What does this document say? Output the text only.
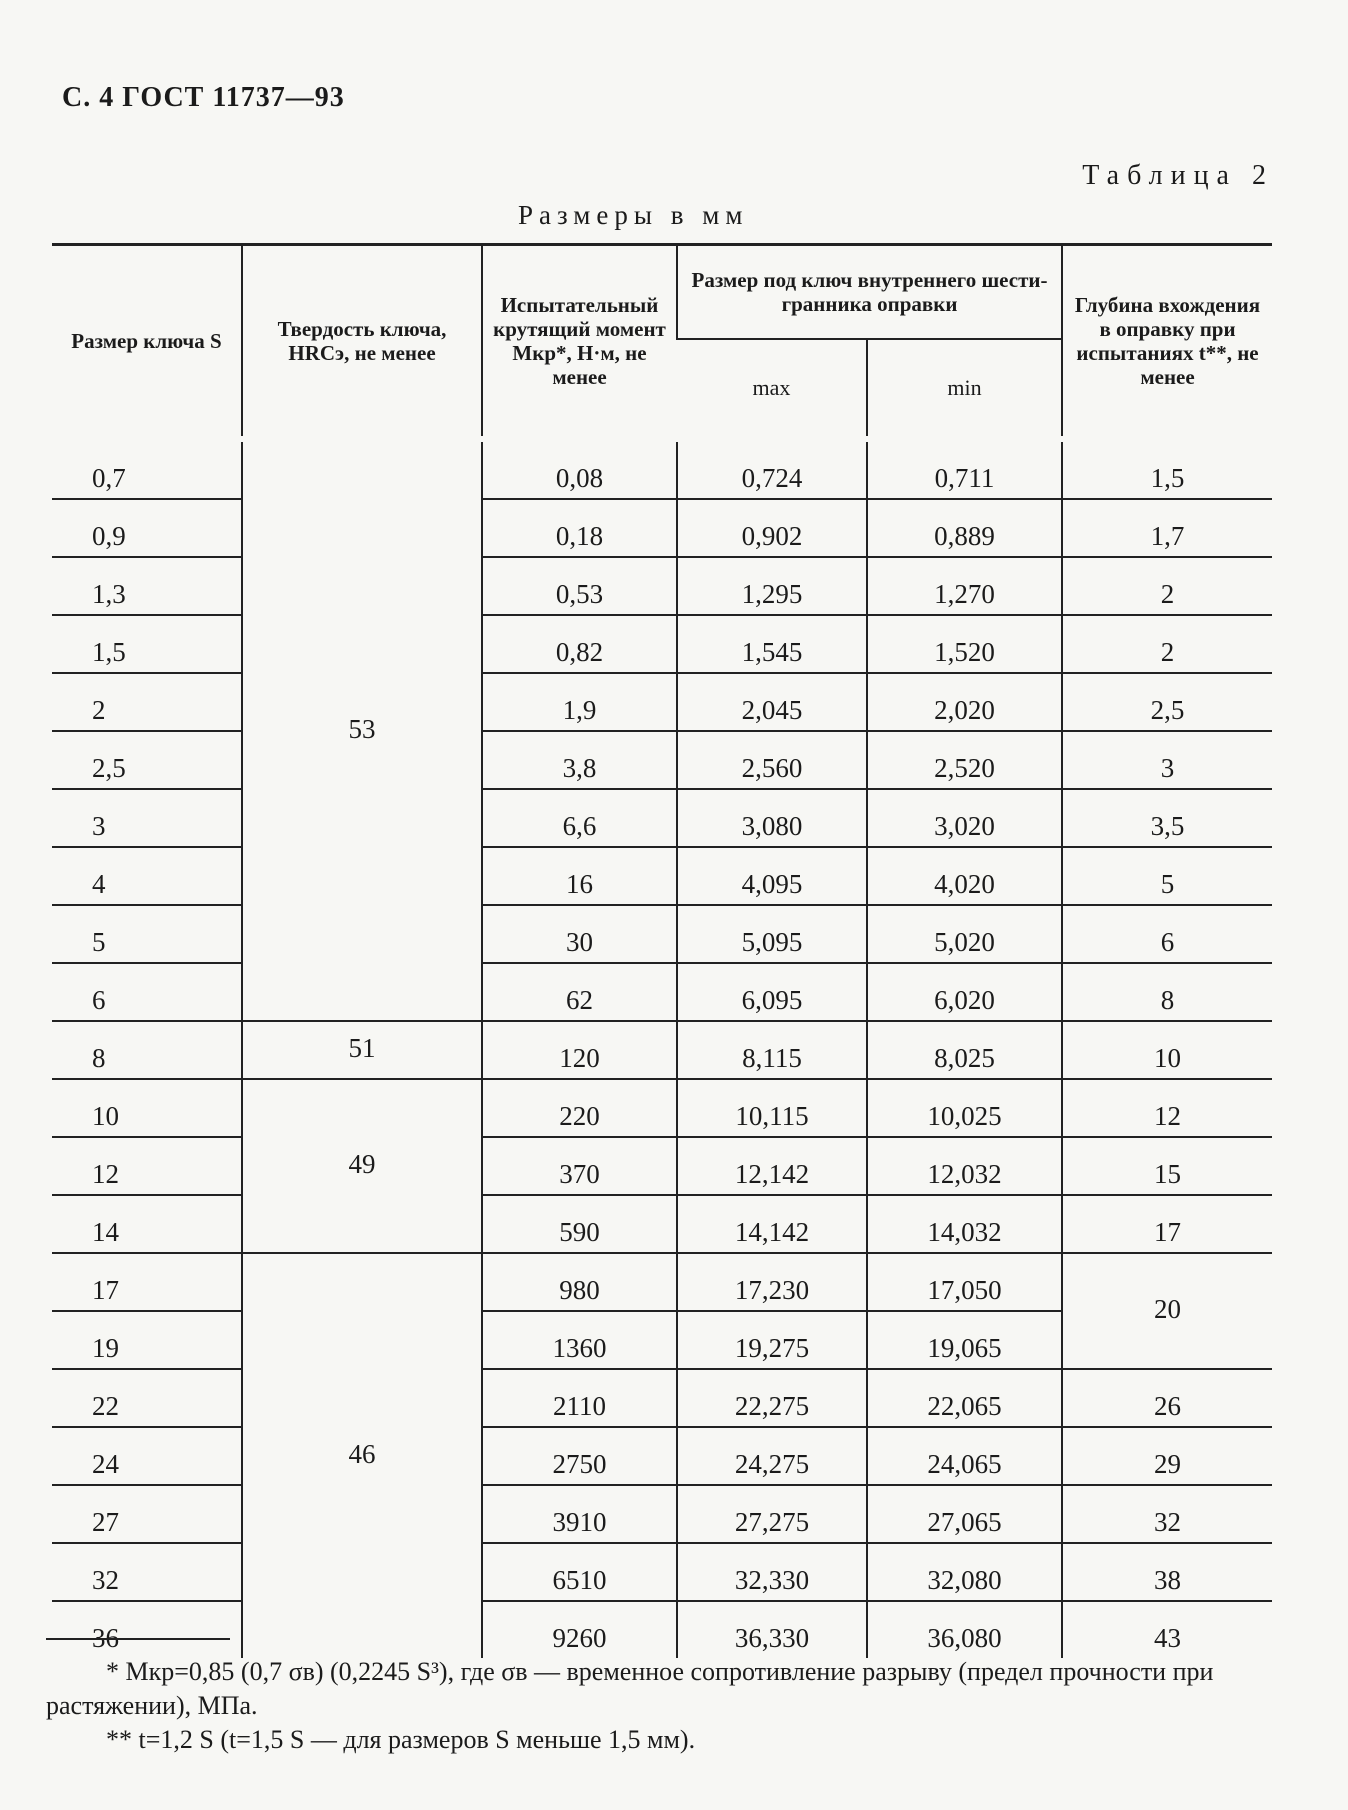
С. 4 ГОСТ 11737—93
Таблица 2
Размеры в мм
Размер ключа S	Твердость ключа, HRCэ, не менее	Испытательный крутящий момент Mкр*, Н·м, не менее	Размер под ключ внутреннего шестигранника оправки		Глубина вхождения в оправку при испытаниях t**, не менее
			max	min	
0,7	53	0,08	0,724	0,711	1,5
0,9		0,18	0,902	0,889	1,7
1,3		0,53	1,295	1,270	2
1,5		0,82	1,545	1,520	2
2		1,9	2,045	2,020	2,5
2,5		3,8	2,560	2,520	3
3		6,6	3,080	3,020	3,5
4		16	4,095	4,020	5
5		30	5,095	5,020	6
6		62	6,095	6,020	8
8	51	120	8,115	8,025	10
10	49	220	10,115	10,025	12
12		370	12,142	12,032	15
14		590	14,142	14,032	17
17	46	980	17,230	17,050	20
19		1360	19,275	19,065	
22		2110	22,275	22,065	26
24		2750	24,275	24,065	29
27		3910	27,275	27,065	32
32		6510	32,330	32,080	38
36		9260	36,330	36,080	43
* Mкр=0,85 (0,7 σв) (0,2245 S³), где σв — временное сопротивление разрыву (предел прочности при растяжении), МПа.
** t=1,2 S (t=1,5 S — для размеров S меньше 1,5 мм).
